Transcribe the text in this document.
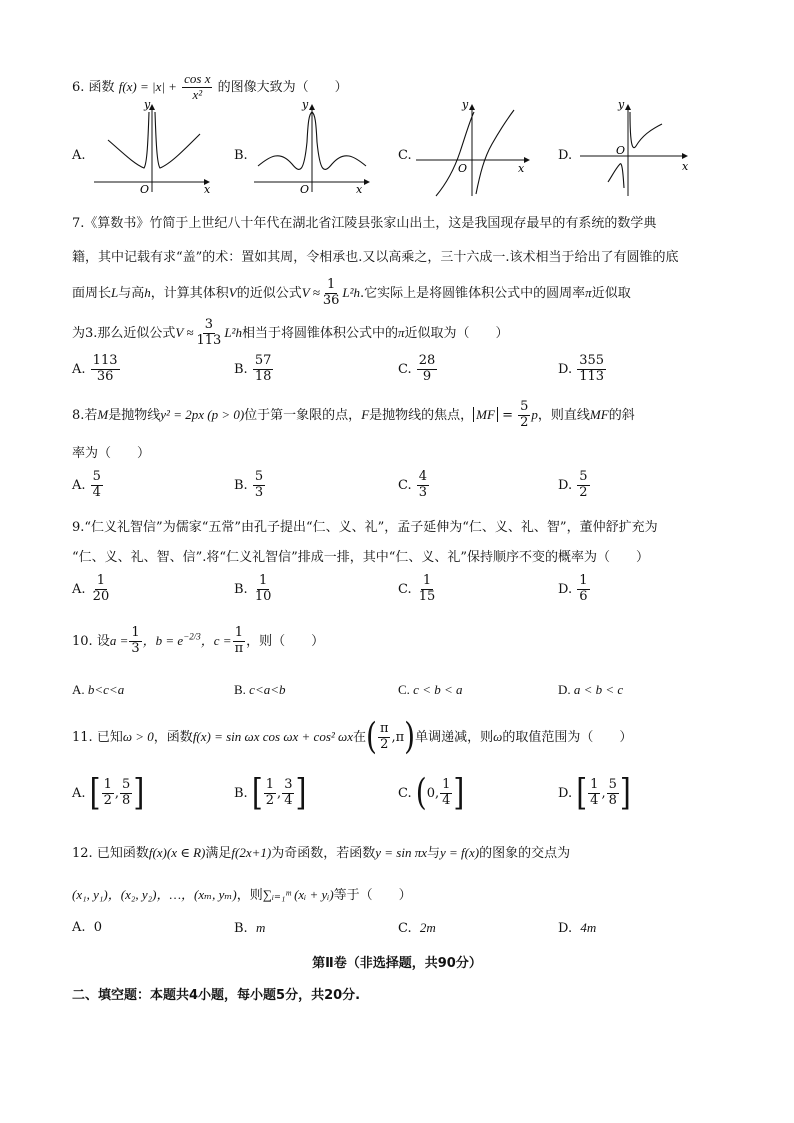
6. 函数 $f(x) = |x| + \frac{\text{cos x}}{\text{x²}}$ 的图像大致为（　　）
A.	B.	C.	D.
y
x
O
y
x
O
y
x
O
y
x
O
7.《算数书》竹简于上世纪八十年代在湖北省江陵县张家山出土，这是我国现存最早的有系统的数学典
籍，其中记载有求“盖”的术：置如其周，令相承也.又以高乘之，三十六成一.该术相当于给出了有圆锥的底
面周长L与高h，计算其体积V的近似公式$V \approx \frac{1}{36} L^2h$.它实际上是将圆锥体积公式中的圆周率π近似取
为3.那么近似公式$V \approx \frac{3}{113} L^2h$相当于将圆锥体积公式中的π近似取为（　　）
A. $\frac{113}{36}$	B. $\frac{57}{18}$	C. $\frac{28}{9}$	D. $\frac{355}{113}$
8.若M是抛物线y² = 2px (p > 0)位于第一象限的点，F是抛物线的焦点， MF = $\frac{5}{2}$ p，则直线MF的斜
率为（　　）
A. $\frac{5}{4}$	B. $\frac{5}{3}$	C. $\frac{4}{3}$	D. $\frac{5}{2}$
9.“仁义礼智信”为儒家“五常”由孔子提出“仁、义、礼”，孟子延伸为“仁、义、礼、智”，董仲舒扩充为
“仁、义、礼、智、信”.将“仁义礼智信”排成一排，其中“仁、义、礼”保持顺序不变的概率为（　　）
A. $\frac{1}{20}$	B. $\frac{1}{10}$	C. $\frac{1}{15}$	D. $\frac{1}{6}$
10. 设$a = \frac{1}{3}$ ，$b = e^{-2/3}$，$c = \frac{1}{\pi}$ ，则（　　）
A. b<c<a	B. c<a<b	C. c < b < a	D. a < b < c
11. 已知ω > 0，函数f(x) = sin ωx cos ωx + cos² ωx在( $\frac{\pi}{2} ,\pi$)单调递减，则ω的取值范围为（　　）
A. [ $\frac{1}{2}$ , $\frac{5}{8}$ ]	B. [ $\frac{1}{2}$ , $\frac{3}{4}$ ]	C. (0, $\frac{1}{4}$ ]	D. [ $\frac{1}{4}$ , $\frac{5}{8}$ ]
12. 已知函数f(x)(x ∈ R)满足f(2x+1)为奇函数，若函数y = sin πx与y = f(x)的图象的交点为
(x₁, y₁)，(x₂, y₂)，…，(xₘ, yₘ)，则∑ᵢ₌₁ᵐ (xᵢ + yᵢ)等于（　　）
A. 0	B. m	C. 2m	D. 4m
第Ⅱ卷（非选择题，共90分）
二、填空题：本题共4小题，每小题5分，共20分.
